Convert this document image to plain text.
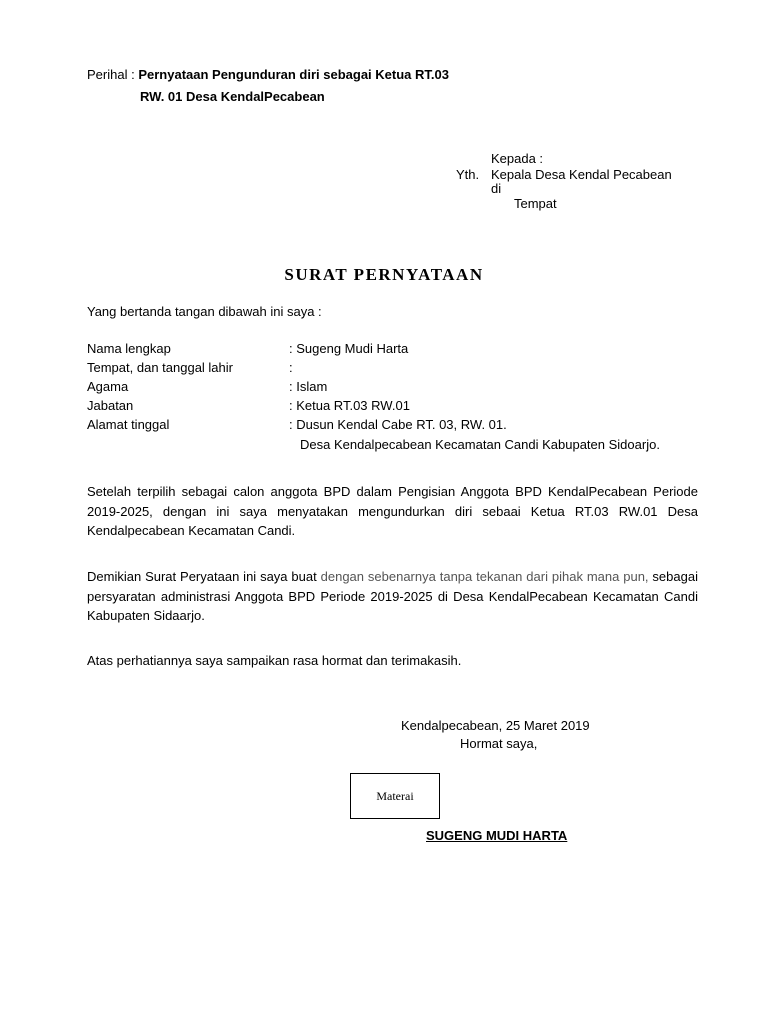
Perihal : Pernyataan Pengunduran diri sebagai Ketua RT.03
RW. 01 Desa KendalPecabean
Kepada :
Yth. Kepala Desa Kendal Pecabean
di
Tempat
SURAT PERNYATAAN
Yang bertanda tangan dibawah ini saya :
Nama lengkap	: Sugeng Mudi Harta
Tempat, dan tanggal lahir	:
Agama	: Islam
Jabatan	: Ketua RT.03 RW.01
Alamat tinggal	: Dusun Kendal Cabe RT. 03, RW. 01.
Desa Kendalpecabean Kecamatan Candi Kabupaten Sidoarjo.
Setelah terpilih sebagai calon anggota BPD dalam Pengisian Anggota BPD KendalPecabean Periode 2019-2025, dengan ini saya menyatakan mengundurkan diri sebaai Ketua RT.03 RW.01 Desa Kendalpecabean Kecamatan Candi.
Demikian Surat Peryataan ini saya buat dengan sebenarnya tanpa tekanan dari pihak mana pun, sebagai persyaratan administrasi Anggota BPD Periode 2019-2025 di Desa KendalPecabean Kecamatan Candi Kabupaten Sidaarjo.
Atas perhatiannya saya sampaikan rasa hormat dan terimakasih.
Kendalpecabean, 25 Maret 2019
Hormat saya,
Materai
SUGENG MUDI HARTA
